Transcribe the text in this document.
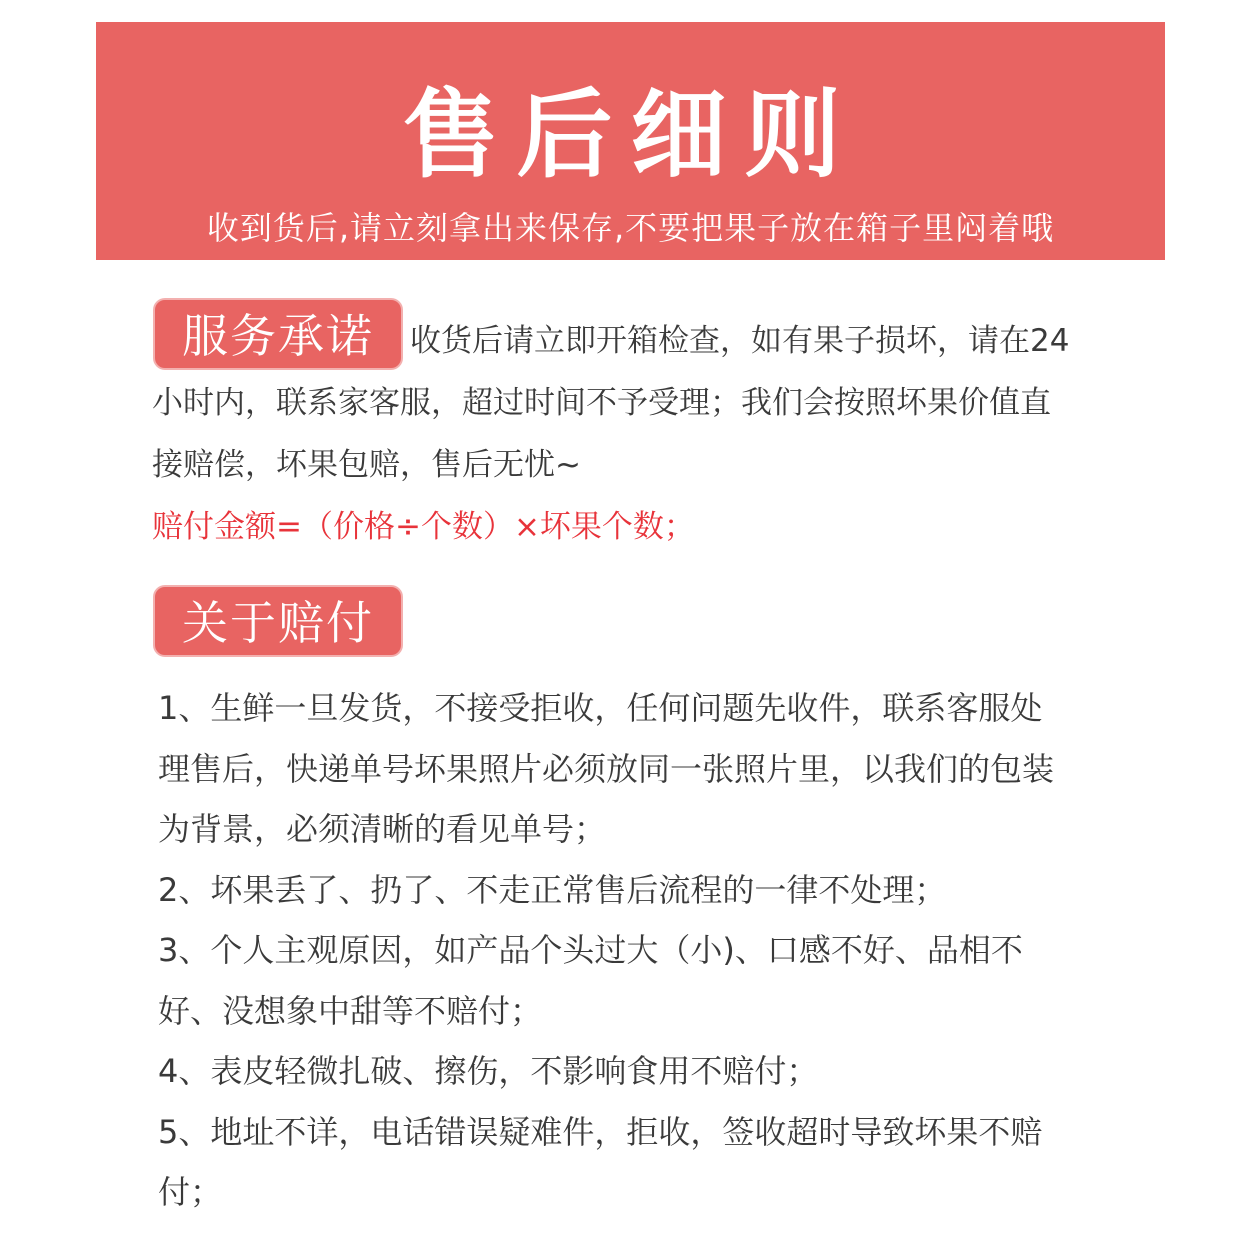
售后细则
收到货后,请立刻拿出来保存,不要把果子放在箱子里闷着哦
服务承诺	收货后请立即开箱检查，如有果子损坏，请在24小时内，联系家客服，超过时间不予受理；我们会按照坏果价值直接赔偿，坏果包赔，售后无忧~

赔付金额=（价格÷个数）×坏果个数；

关于赔付
1、生鲜一旦发货，不接受拒收，任何问题先收件，联系客服处理售后，快递单号坏果照片必须放同一张照片里，以我们的包装为背景，必须清晰的看见单号；
2、坏果丢了、扔了、不走正常售后流程的一律不处理；
3、个人主观原因，如产品个头过大（小)、口感不好、品相不好、没想象中甜等不赔付；
4、表皮轻微扎破、擦伤，不影响食用不赔付；
5、地址不详，电话错误疑难件，拒收，签收超时导致坏果不赔付；
